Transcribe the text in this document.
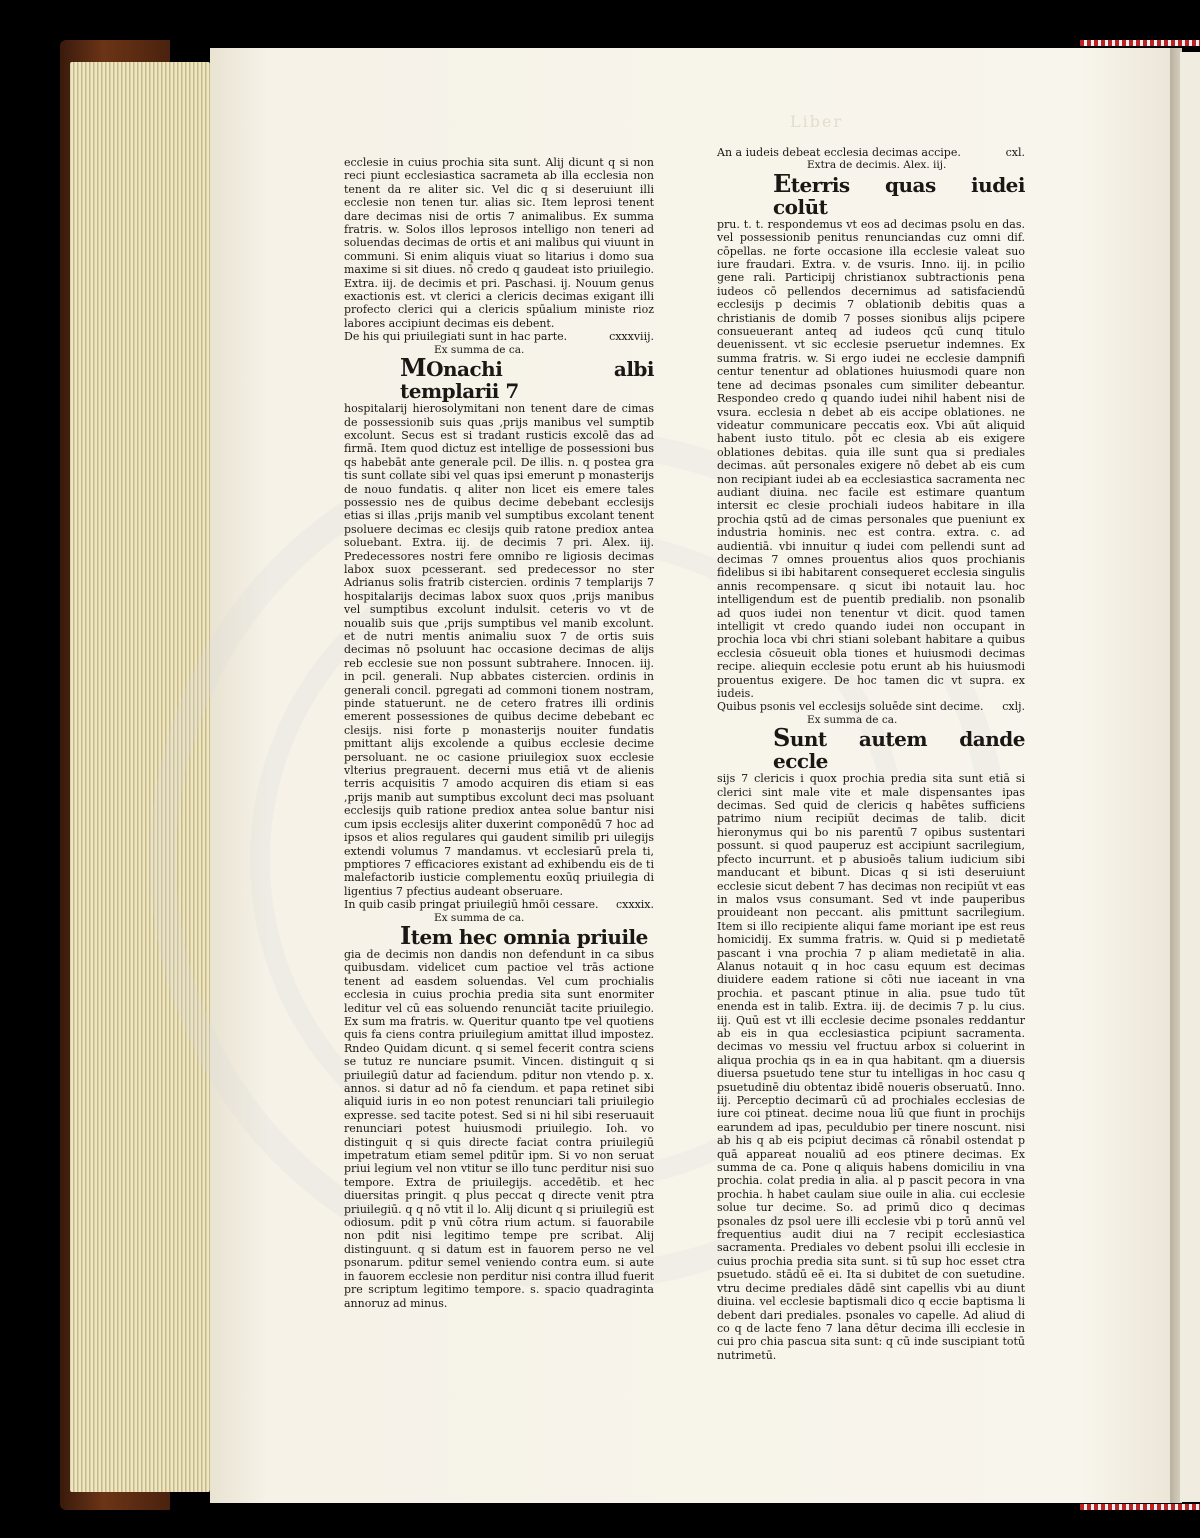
Liber

ecclesie in cuius prochia sita sunt. Alij dicunt q si non reci piunt ecclesiastica sacrameta ab illa ecclesia non tenent da re aliter sic. Vel dic q si deseruiunt illi ecclesie non tenen tur. alias sic. Item leprosi tenent dare decimas nisi de ortis 7 animalibus. Ex summa fratris. w. Solos illos leprosos intelligo non teneri ad soluendas decimas de ortis et ani malibus qui viuunt in communi. Si enim aliquis viuat so litarius i domo sua maxime si sit diues. nō credo q gaudeat isto priuilegio. Extra. iij. de decimis et pri. Paschasi. ij. Nouum genus exactionis est. vt clerici a clericis decimas exigant illi profecto clerici qui a clericis spūalium ministe rioz labores accipiunt decimas eis debent.

De his qui priuilegiati sunt in hac parte.	cxxxviij.

Ex summa de ca.

MOnachi albi templarii 7

hospitalarij hierosolymitani non tenent dare de cimas de possessionib suis quas ,prijs manibus vel sumptib excolunt. Secus est si tradant rusticis excolē das ad firmā. Item quod dictuz est intellige de possessioni bus qs habebāt ante generale pcil. De illis. n. q postea gra tis sunt collate sibi vel quas ipsi emerunt p monasterijs de nouo fundatis. q aliter non licet eis emere tales possessio nes de quibus decime debebant ecclesijs etias si illas ,prijs manib vel sumptibus excolant tenent psoluere decimas ec clesijs quib ratone prediox antea soluebant. Extra. iij. de decimis 7 pri. Alex. iij. Predecessores nostri fere omnibo re ligiosis decimas labox suox pcesserant. sed predecessor no ster Adrianus solis fratrib cistercien. ordinis 7 templarijs 7 hospitalarijs decimas labox suox quos ,prijs manibus vel sumptibus excolunt indulsit. ceteris vo vt de noualib suis que ,prijs sumptibus vel manib excolunt. et de nutri mentis animaliu suox 7 de ortis suis decimas nō psoluunt hac occasione decimas de alijs reb ecclesie sue non possunt subtrahere. Innocen. iij. in pcil. generali. Nup abbates cistercien. ordinis in generali concil. pgregati ad commoni tionem nostram, pinde statuerunt. ne de cetero fratres illi ordinis emerent possessiones de quibus decime debebant ec clesijs. nisi forte p monasterijs nouiter fundatis pmittant alijs excolende a quibus ecclesie decime persoluant. ne oc casione priuilegiox suox ecclesie vlterius pregrauent. decerni mus etiā vt de alienis terris acquisitis 7 amodo acquiren dis etiam si eas ,prijs manib aut sumptibus excolunt deci mas psoluant ecclesijs quib ratione prediox antea solue bantur nisi cum ipsis ecclesijs aliter duxerint componēdū 7 hoc ad ipsos et alios regulares qui gaudent similib pri uilegijs extendi volumus 7 mandamus. vt ecclesiarū prela ti, pmptiores 7 efficaciores existant ad exhibendu eis de ti malefactorib iusticie complementu eoxūq priuilegia di ligentius 7 pfectius audeant obseruare.

In quib casib pringat priuilegiū hmōi cessare. cxxxix.

Ex summa de ca.

Item hec omnia priuile

gia de decimis non dandis non defendunt in ca sibus quibusdam. videlicet cum pactioe vel trās actione tenent ad easdem soluendas. Vel cum prochialis ecclesia in cuius prochia predia sita sunt enormiter leditur vel cū eas soluendo renunciāt tacite priuilegio. Ex sum ma fratris. w. Queritur quanto tpe vel quotiens quis fa ciens contra priuilegium amittat illud impostez. Rndeo Quidam dicunt. q si semel fecerit contra sciens se tutuz re nunciare psumit. Vincen. distinguit q si priuilegiū datur ad faciendum. pditur non vtendo p. x. annos. si datur ad nō fa ciendum. et papa retinet sibi aliquid iuris in eo non potest renunciari tali priuilegio expresse. sed tacite potest. Sed si ni hil sibi reseruauit renunciari potest huiusmodi priuilegio. Ioh. vo distinguit q si quis directe faciat contra priuilegiū impetratum etiam semel pditūr ipm. Si vo non seruat priui legium vel non vtitur se illo tunc perditur nisi suo tempore. Extra de priuilegijs. accedētib. et hec diuersitas pringit. q plus peccat q directe venit ptra priuilegiū. q q nō vtit il lo. Alij dicunt q si priuilegiū est odiosum. pdit p vnū cōtra rium actum. si fauorabile non pdit nisi legitimo tempe pre scribat. Alij distinguunt. q si datum est in fauorem perso ne vel psonarum. pditur semel veniendo contra eum. si aute in fauorem ecclesie non perditur nisi contra illud fuerit pre scriptum legitimo tempore. s. spacio quadraginta annoruz ad minus.

An a iudeis debeat ecclesia decimas accipe.	cxl.

Extra de decimis. Alex. iij.

Eterris quas iudei colūt

pru. t. t. respondemus vt eos ad decimas psolu en das. vel possessionib penitus renunciandas cuz omni dif. cōpellas. ne forte occasione illa ecclesie valeat suo iure fraudari. Extra. v. de vsuris. Inno. iij. in pcilio gene rali. Participij christianox subtractionis pena iudeos cō pellendos decernimus ad satisfaciendū ecclesijs p decimis 7 oblationib debitis quas a christianis de domib 7 posses sionibus alijs pcipere consueuerant anteq ad iudeos qcū cunq titulo deuenissent. vt sic ecclesie pseruetur indemnes. Ex summa fratris. w. Si ergo iudei ne ecclesie dampnifi centur tenentur ad oblationes huiusmodi quare non tene ad decimas psonales cum similiter debeantur. Respondeo credo q quando iudei nihil habent nisi de vsura. ecclesia n debet ab eis accipe oblationes. ne videatur communicare peccatis eox. Vbi aūt aliquid habent iusto titulo. pōt ec clesia ab eis exigere oblationes debitas. quia ille sunt qua si prediales decimas. aūt personales exigere nō debet ab eis cum non recipiant iudei ab ea ecclesiastica sacramenta nec audiant diuina. nec facile est estimare quantum intersit ec clesie prochiali iudeos habitare in illa prochia qstū ad de cimas personales que pueniunt ex industria hominis. nec est contra. extra. c. ad audientiā. vbi innuitur q iudei com pellendi sunt ad decimas 7 omnes prouentus alios quos prochianis fidelibus si ibi habitarent consequeret ecclesia singulis annis recompensare. q sicut ibi notauit lau. hoc intelligendum est de puentib predialib. non psonalib ad quos iudei non tenentur vt dicit. quod tamen intelligit vt credo quando iudei non occupant in prochia loca vbi chri stiani solebant habitare a quibus ecclesia cōsueuit obla tiones et huiusmodi decimas recipe. aliequin ecclesie potu erunt ab his huiusmodi prouentus exigere. De hoc tamen dic vt supra. ex iudeis.

Quibus psonis vel ecclesijs soluēde sint decime. cxlj.

Ex summa de ca.

Sunt autem dande eccle

sijs 7 clericis i quox prochia predia sita sunt etiā si clerici sint male vite et male dispensantes ipas decimas. Sed quid de clericis q habētes sufficiens patrimo nium recipiūt decimas de talib. dicit hieronymus qui bo nis parentū 7 opibus sustentari possunt. si quod pauperuz est accipiunt sacrilegium, pfecto incurrunt. et p abusioēs talium iudicium sibi manducant et bibunt. Dicas q si isti deseruiunt ecclesie sicut debent 7 has decimas non recipiūt vt eas in malos vsus consumant. Sed vt inde pauperibus prouideant non peccant. alis pmittunt sacrilegium. Item si illo recipiente aliqui fame moriant ipe est reus homicidij. Ex summa fratris. w. Quid si p medietatē pascant i vna prochia 7 p aliam medietatē in alia. Alanus notauit q in hoc casu equum est decimas diuidere eadem ratione si cōti nue iaceant in vna prochia. et pascant ptinue in alia. psue tudo tūt enenda est in talib. Extra. iij. de decimis 7 p. lu cius. iij. Quū est vt illi ecclesie decime psonales reddantur ab eis in qua ecclesiastica pcipiunt sacramenta. decimas vo messiu vel fructuu arbox si coluerint in aliqua prochia qs in ea in qua habitant. qm a diuersis diuersa psuetudo tene stur tu intelligas in hoc casu q psuetudinē diu obtentaz ibidē noueris obseruatū. Inno. iij. Perceptio decimarū cū ad prochiales ecclesias de iure coi ptineat. decime noua liū que fiunt in prochijs earundem ad ipas, peculdubio per tinere noscunt. nisi ab his q ab eis pcipiut decimas cā rōnabil ostendat p quā appareat noualiū ad eos ptinere decimas. Ex summa de ca. Pone q aliquis habens domiciliu in vna prochia. colat predia in alia. al p pascit pecora in vna prochia. h habet caulam siue ouile in alia. cui ecclesie solue tur decime. So. ad primū dico q decimas psonales dz psol uere illi ecclesie vbi p torū annū vel frequentius audit diui na 7 recipit ecclesiastica sacramenta. Prediales vo debent psolui illi ecclesie in cuius prochia predia sita sunt. si tū sup hoc esset ctra psuetudo. stādū eē ei. Ita si dubitet de con suetudine. vtru decime prediales dādē sint capellis vbi au diunt diuina. vel ecclesie baptismali dico q eccie baptisma li debent dari prediales. psonales vo capelle. Ad aliud di co q de lacte feno 7 lana dētur decima illi ecclesie in cui pro chia pascua sita sunt: q cū inde suscipiant totū nutrimetū.
